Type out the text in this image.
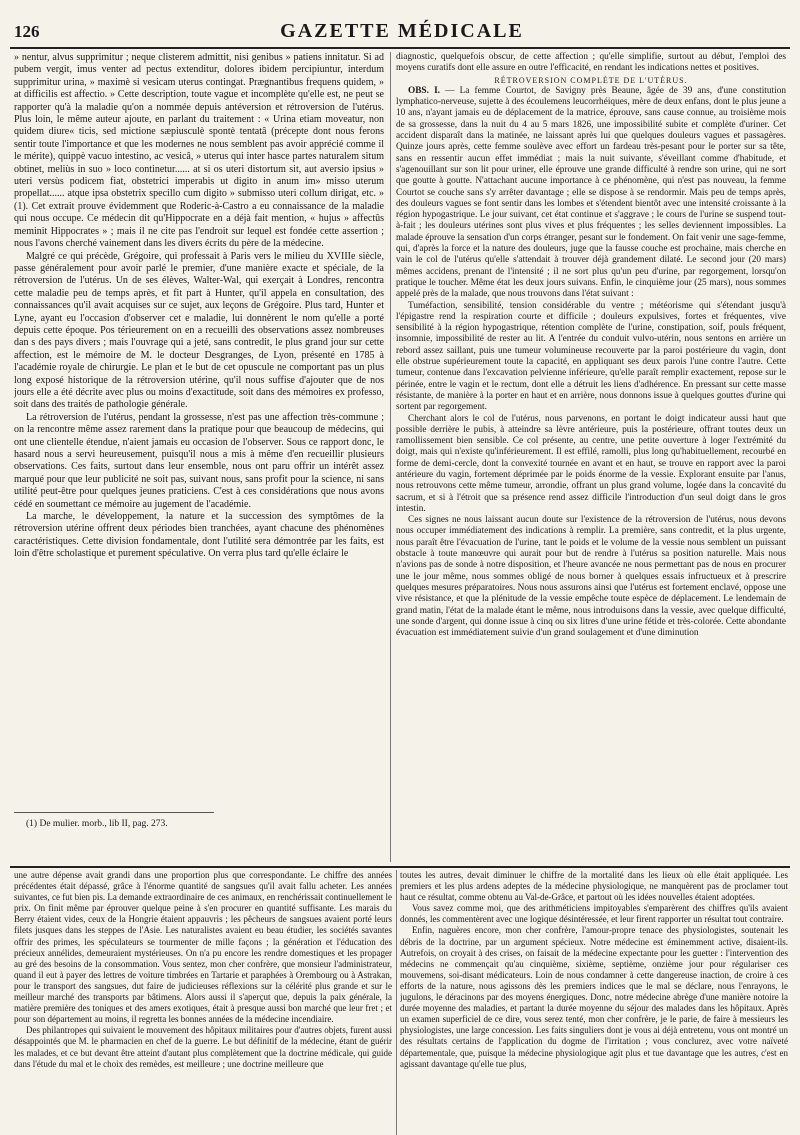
126	GAZETTE MÉDICALE

» nentur, alvus supprimitur ; neque clisterem admittit, nisi genibus » patiens innitatur. Si ad pubem vergit, imus venter ad pectus extenditur, dolores ibidem percipiuntur, interdum supprimitur urina, » maximè si vesicam uterus contingat. Prægnantibus frequens quidem, » at difficilis est affectio. » Cette description, toute vague et incomplète qu'elle est, ne peut se rapporter qu'à la maladie qu'on a nommée depuis antéversion et rétroversion de l'utérus. Plus loin, le même auteur ajoute, en parlant du traitement : « Urina etiam moveatur, non quidem diure« ticis, sed mictione sæpiusculè spontè tentatâ (précepte dont nous ferons sentir toute l'importance et que les modernes ne nous semblent pas avoir apprécié comme il le mérite), quippè vacuo intestino, ac vesicâ, » uterus qui inter hasce partes naturalem situm obtinet, meliùs in suo » loco continetur...... at si os uteri distortum sit, aut aversio ipsius » uteri versùs podicem fiat, obstetrici imperabis ut digito in anum im» misso uterum propellat...... atque ipsa obstetrix specillo cum digito » submisso uteri collum dirigat, etc. » (1). Cet extrait prouve évidemment que Roderic-à-Castro a eu connaissance de la maladie qui nous occupe. Ce médecin dit qu'Hippocrate en a déjà fait mention, « hujus » affectûs meminit Hippocrates » ; mais il ne cite pas l'endroit sur lequel est fondée cette assertion ; nous l'avons cherché vainement dans les divers écrits du père de la médecine.

Malgré ce qui précède, Grégoire, qui professait à Paris vers le milieu du XVIIIe siècle, passe généralement pour avoir parlé le premier, d'une manière exacte et spéciale, de la rétroversion de l'utérus. Un de ses élèves, Walter-Wal, qui exerçait à Londres, rencontra cette maladie peu de temps après, et fit part à Hunter, qu'il appela en consultation, des connaissances qu'il avait acquises sur ce sujet, aux leçons de Grégoire. Plus tard, Hunter et Lyne, ayant eu l'occasion d'observer cet e maladie, lui donnèrent le nom qu'elle a porté depuis cette époque. Pos térieurement on en a recueilli des observations assez nombreuses dan s des pays divers ; mais l'ouvrage qui a jeté, sans contredit, le plus grand jour sur cette affection, est le mémoire de M. le docteur Desgranges, de Lyon, présenté en 1785 à l'académie royale de chirurgie. Le plan et le but de cet opuscule ne comportant pas un plus long exposé historique de la rétroversion utérine, qu'il nous suffise d'ajouter que de nos jours elle a été décrite avec plus ou moins d'exactitude, soit dans des mémoires ex professo, soit dans des traités de pathologie générale.

La rétroversion de l'utérus, pendant la grossesse, n'est pas une affection très-commune ; on la rencontre même assez rarement dans la pratique pour que beaucoup de médecins, qui ont une clientelle étendue, n'aient jamais eu occasion de l'observer. Sous ce rapport donc, le hasard nous a servi heureusement, puisqu'il nous a mis à même d'en recueillir plusieurs observations. Ces faits, surtout dans leur ensemble, nous ont paru offrir un intérêt assez marqué pour que leur publicité ne soit pas, suivant nous, sans profit pour la science, ni sans utilité peut-être pour quelques jeunes praticiens. C'est à ces considérations que nous avons cédé en soumettant ce mémoire au jugement de l'académie.

La marche, le développement, la nature et la succession des symptômes de la rétroversion utérine offrent deux périodes bien tranchées, ayant chacune des phénomènes caractéristiques. Cette division fondamentale, dont l'utilité sera démontrée par les faits, est loin d'être scholastique et purement spéculative. On verra plus tard qu'elle éclaire le

diagnostic, quelquefois obscur, de cette affection ; qu'elle simplifie, surtout au début, l'emploi des moyens curatifs dont elle assure en outre l'efficacité, en rendant les indications nettes et positives.

RÉTROVERSION COMPLÈTE DE L'UTÉRUS.

OBS. I. — La femme Courtot, de Savigny près Beaune, âgée de 39 ans, d'une constitution lymphatico-nerveuse, sujette à des écoulemens leucorrhéiques, mère de deux enfans, dont le plus jeune a 10 ans, n'ayant jamais eu de déplacement de la matrice, éprouve, sans cause connue, au troisième mois de sa grossesse, dans la nuit du 4 au 5 mars 1826, une impossibilité subite et complète d'uriner. Cet accident disparaît dans la matinée, ne laissant après lui que quelques douleurs vagues et passagères. Quinze jours après, cette femme soulève avec effort un fardeau très-pesant pour le porter sur sa tête, sans en ressentir aucun effet immédiat ; mais la nuit suivante, s'éveillant comme d'habitude, et s'agenouillant sur son lit pour uriner, elle éprouve une grande difficulté à rendre son urine, qui ne sort que goutte à goutte. N'attachant aucune importance à ce phénomène, qui n'est pas nouveau, la femme Courtot se couche sans s'y arrêter davantage ; elle se dispose à se rendormir. Mais peu de temps après, des douleurs vagues se font sentir dans les lombes et s'étendent bientôt avec une intensité croissante à la région hypogastrique. Le jour suivant, cet état continue et s'aggrave ; le cours de l'urine se suspend tout-à-fait ; les douleurs utérines sont plus vives et plus fréquentes ; les selles deviennent impossibles. La malade éprouve la sensation d'un corps étranger, pesant sur le fondement. On fait venir une sage-femme, qui, d'après la force et la nature des douleurs, juge que la fausse couche est prochaine, mais cherche en vain le col de l'utérus qu'elle s'attendait à trouver déjà grandement dilaté. Le second jour (20 mars) mêmes accidens, prenant de l'intensité ; il ne sort plus qu'un peu d'urine, par regorgement, lorsqu'on pratique le toucher. Même état les deux jours suivans. Enfin, le cinquième jour (25 mars), nous sommes appelé près de la malade, que nous trouvons dans l'état suivant :

Tuméfaction, sensibilité, tension considérable du ventre ; météorisme qui s'étendant jusqu'à l'épigastre rend la respiration courte et difficile ; douleurs expulsives, fortes et fréquentes, vive sensibilité à la région hypogastrique, rétention complète de l'urine, constipation, soif, pouls fréquent, insomnie, impossibilité de rester au lit. A l'entrée du conduit vulvo-utérin, nous sentons en arrière un rebord assez saillant, puis une tumeur volumineuse recouverte par la paroi postérieure du vagin, dont elle obstrue supérieurement toute la capacité, en appliquant ses deux parois l'une contre l'autre. Cette tumeur, contenue dans l'excavation pelvienne inférieure, qu'elle paraît remplir exactement, repose sur le périnée, entre le vagin et le rectum, dont elle a détruit les liens d'adhérence. En pressant sur cette masse résistante, de manière à la porter en haut et en arrière, nous donnons issue à quelques gouttes d'urine qui sortent par regorgement.

Cherchant alors le col de l'utérus, nous parvenons, en portant le doigt indicateur aussi haut que possible derrière le pubis, à atteindre sa lèvre antérieure, puis la postérieure, offrant toutes deux un ramollissement bien sensible. Ce col présente, au centre, une petite ouverture à loger l'extrémité du doigt, mais qui n'existe qu'inférieurement. Il est effilé, ramolli, plus long qu'habituellement, recourbé en forme de demi-cercle, dont la convexité tournée en avant et en haut, se trouve en rapport avec la paroi antérieure du vagin, fortement déprimée par le poids énorme de la vessie. Explorant ensuite par l'anus, nous retrouvons cette même tumeur, arrondie, offrant un plus grand volume, logée dans la concavité du sacrum, et si à l'étroit que sa présence rend assez difficile l'introduction d'un seul doigt dans le gros intestin.

Ces signes ne nous laissant aucun doute sur l'existence de la rétroversion de l'utérus, nous devons nous occuper immédiatement des indications à remplir. La première, sans contredit, et la plus urgente, nous paraît être l'évacuation de l'urine, tant le poids et le volume de la vessie nous semblent un puissant obstacle à toute manœuvre qui aurait pour but de rendre à l'utérus sa position naturelle. Mais nous n'avions pas de sonde à notre disposition, et l'heure avancée ne nous permettant pas de nous en procurer une le jour même, nous sommes obligé de nous borner à quelques essais infructueux et à prescrire quelques mesures préparatoires. Nous nous assurons ainsi que l'utérus est fortement enclavé, oppose une vive résistance, et que la plénitude de la vessie empêche toute espèce de déplacement. Le lendemain de grand matin, l'état de la malade étant le même, nous introduisons dans la vessie, avec quelque difficulté, une sonde d'argent, qui donne issue à cinq ou six litres d'une urine fétide et très-colorée. Cette abondante évacuation est immédiatement suivie d'un grand soulagement et d'une diminution

(1) De mulier. morb., lib II, pag. 273.

une autre dépense avait grandi dans une proportion plus que correspondante. Le chiffre des années précédentes était dépassé, grâce à l'énorme quantité de sangsues qu'il avait fallu acheter. Les années suivantes, ce fut bien pis. La demande extraordinaire de ces animaux, en renchérissait continuellement le prix. On finit même par éprouver quelque peine à s'en procurer en quantité suffisante. Les marais du Berry étaient vides, ceux de la Hongrie étaient appauvris ; les pêcheurs de sangsues avaient porté leurs filets jusques dans les steppes de l'Asie. Les naturalistes avaient eu beau étudier, les sociétés savantes offrir des primes, les spéculateurs se tourmenter de mille façons ; la génération et l'éducation des précieux annélides, demeuraient mystérieuses. On n'a pu encore les rendre domestiques et les propager au gré des besoins de la consommation. Vous sentez, mon cher confrère, que monsieur l'administrateur, quand il eut à payer des lettres de voiture timbrées en Tartarie et paraphées à Orembourg ou à Astrakan, pour le transport des sangsues, dut faire de judicieuses réflexions sur la célérité plus grande et sur le meilleur marché des transports par bâtimens. Alors aussi il s'aperçut que, depuis la paix générale, la matière première des toniques et des amers exotiques, était à presque aussi bon marché que leur fret ; et pour son département au moins, il regretta les bonnes années de la médecine incendiaire.

Des philantropes qui suivaient le mouvement des hôpitaux militaires pour d'autres objets, furent aussi désappointés que M. le pharmacien en chef de la guerre. Le but définitif de la médecine, étant de guérir les malades, et ce but devant être atteint d'autant plus complètement que la doctrine médicale, qui guide dans l'étude du mal et le choix des remèdes, est meilleure ; une doctrine meilleure que

toutes les autres, devait diminuer le chiffre de la mortalité dans les lieux où elle était appliquée. Les premiers et les plus ardens adeptes de la médecine physiologique, ne manquèrent pas de proclamer tout haut ce résultat, comme obtenu au Val-de-Grâce, et partout où les idées nouvelles étaient adoptées.

Vous savez comme moi, que des arithméticiens impitoyables s'emparèrent des chiffres qu'ils avaient donnés, les commentèrent avec une logique désintéressée, et leur firent rapporter un résultat tout contraire.

Enfin, naguères encore, mon cher confrère, l'amour-propre tenace des physiologistes, soutenait les débris de la doctrine, par un argument spécieux. Notre médecine est éminemment active, disaient-ils. Autrefois, on croyait à des crises, on faisait de la médecine expectante pour les guetter : l'intervention des médecins ne commençait qu'au cinquième, sixième, septième, onzième jour pour régulariser ces mouvemens, soi-disant médicateurs. Loin de nous condamner à cette dangereuse inaction, de croire à ces efforts de la nature, nous agissons dès les premiers indices que le mal se déclare, nous l'enrayons, le jugulons, le déracinons par des moyens énergiques. Donc, notre médecine abrège d'une manière notoire la durée moyenne des maladies, et partant la durée moyenne du séjour des malades dans les hôpitaux. Après un examen superficiel de ce dire, vous serez tenté, mon cher confrère, je le parie, de faire à messieurs les physiologistes, une large concession. Les faits singuliers dont je vous ai déjà entretenu, vous ont montré un des résultats certains de l'application du dogme de l'irritation ; vous conclurez, avec votre naïveté départementale, que, puisque la médecine physiologique agit plus et tue davantage que les autres, c'est en agissant davantage qu'elle tue plus,
